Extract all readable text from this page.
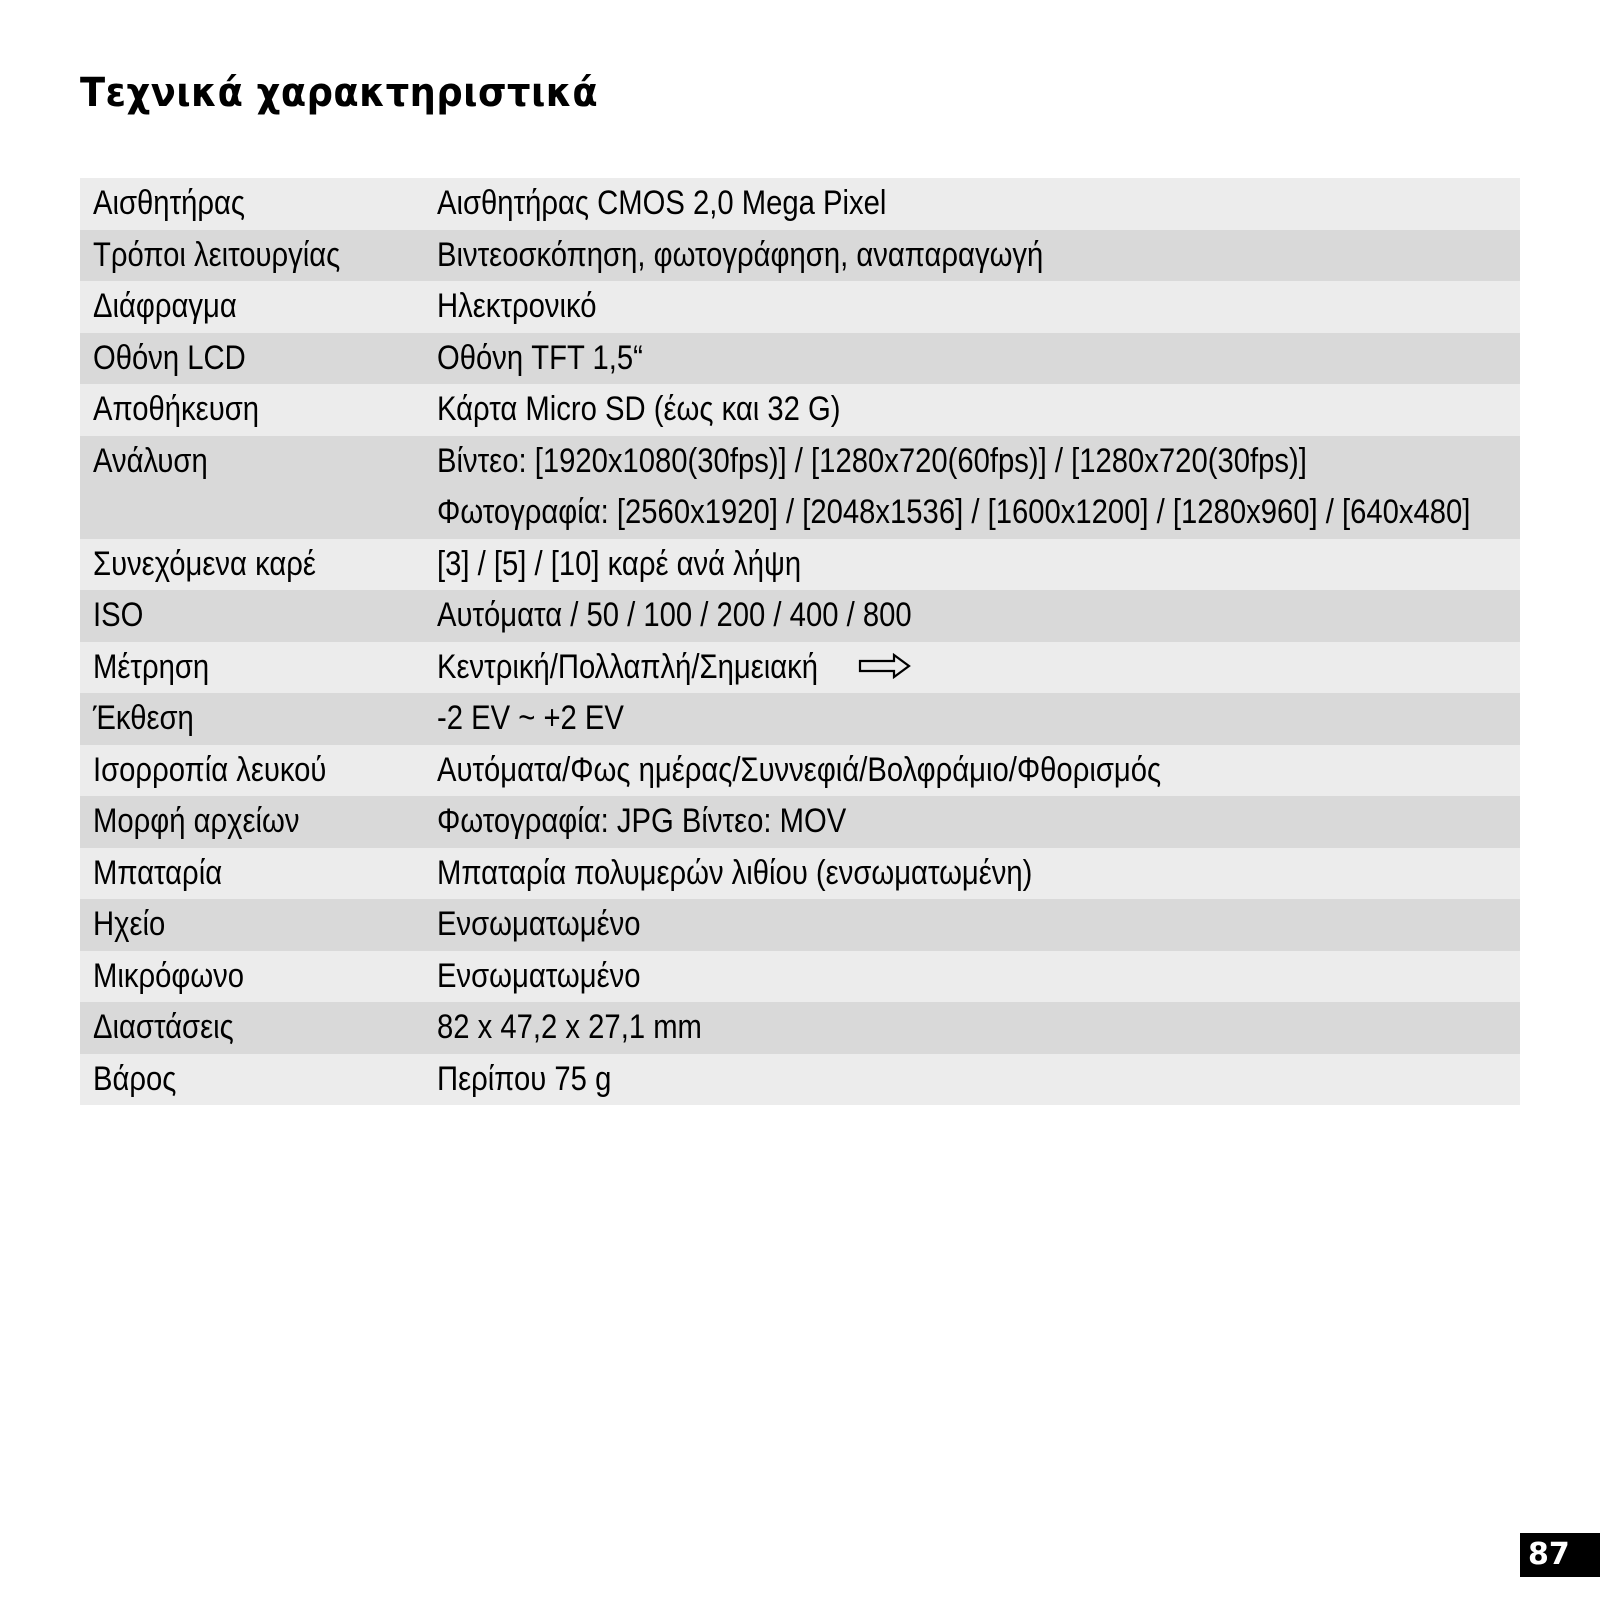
Τεχνικά χαρακτηριστικά
Αισθητήρας	Αισθητήρας CMOS 2,0 Mega Pixel

Τρόποι λειτουργίας	Βιντεοσκόπηση, φωτογράφηση, αναπαραγωγή

Διάφραγμα	Ηλεκτρονικό

Οθόνη LCD	Οθόνη TFT 1,5“

Αποθήκευση	Κάρτα Micro SD (έως και 32 G)

Ανάλυση	Βίντεο: [1920x1080(30fps)] / [1280x720(60fps)] / [1280x720(30fps)]
Φωτογραφία: [2560x1920] / [2048x1536] / [1600x1200] / [1280x960] / [640x480]

Συνεχόμενα καρέ	[3] / [5] / [10] καρέ ανά λήψη

ISO	Αυτόματα / 50 / 100 / 200 / 400 / 800

Μέτρηση	Κεντρική/Πολλαπλή/Σημειακή

Έκθεση	-2 EV ~ +2 EV

Ισορροπία λευκού	Αυτόματα/Φως ημέρας/Συννεφιά/Βολφράμιο/Φθορισμός

Μορφή αρχείων	Φωτογραφία: JPG Βίντεο: MOV

Μπαταρία	Μπαταρία πολυμερών λιθίου (ενσωματωμένη)

Ηχείο	Ενσωματωμένο

Μικρόφωνο	Ενσωματωμένο

Διαστάσεις	82 x 47,2 x 27,1 mm

Βάρος	Περίπου 75 g
87
